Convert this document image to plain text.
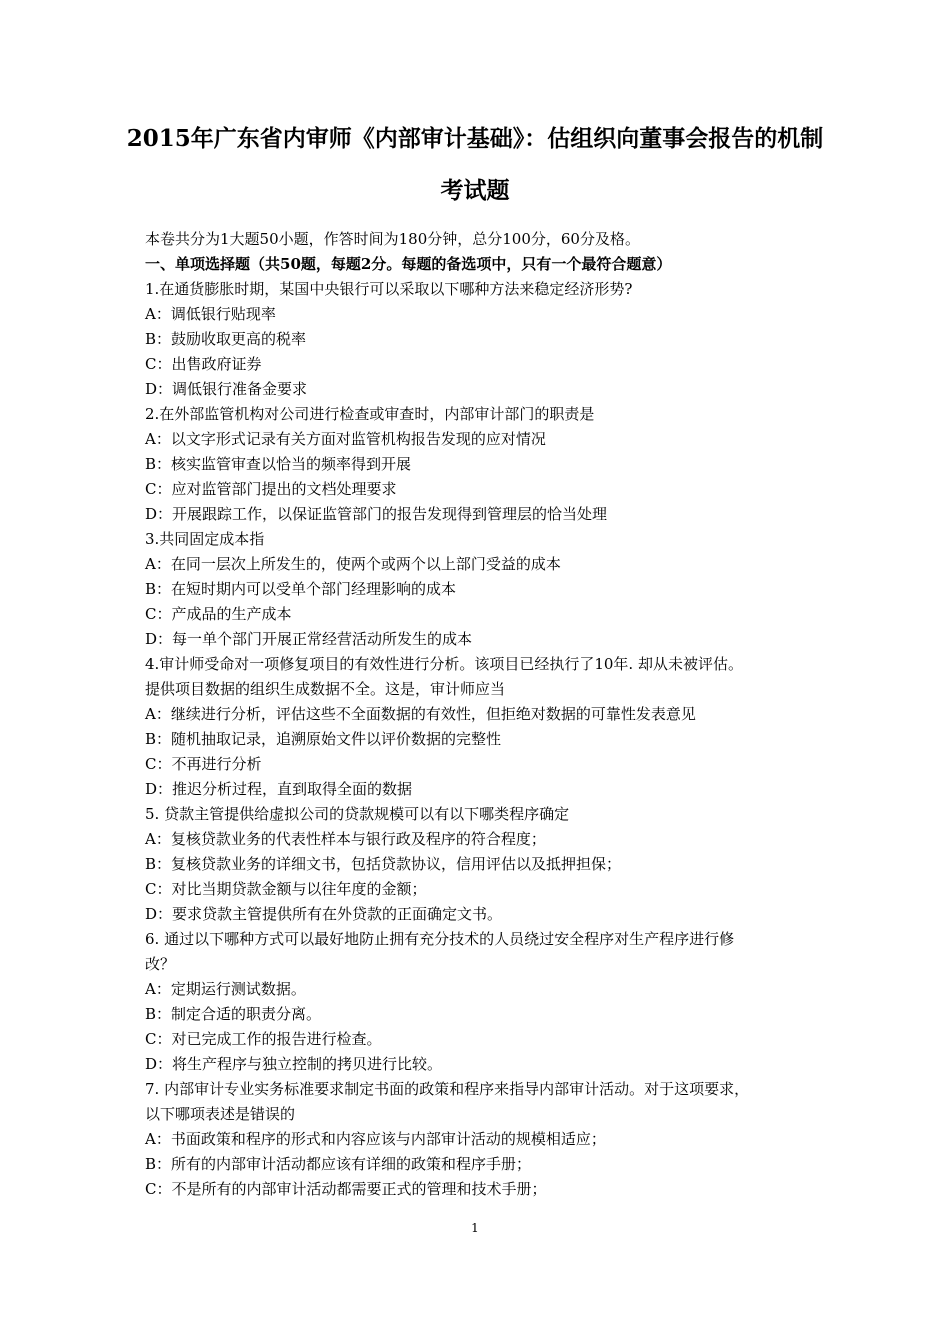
2015年广东省内审师《内部审计基础》：估组织向董事会报告的机制
考试题
本卷共分为1大题50小题，作答时间为180分钟，总分100分，60分及格。
一、单项选择题（共50题，每题2分。每题的备选项中，只有一个最符合题意）
1.在通货膨胀时期，某国中央银行可以采取以下哪种方法来稳定经济形势?
A：调低银行贴现率
B：鼓励收取更高的税率
C：出售政府证券
D：调低银行准备金要求
2.在外部监管机构对公司进行检查或审查时，内部审计部门的职责是
A：以文字形式记录有关方面对监管机构报告发现的应对情况
B：核实监管审查以恰当的频率得到开展
C：应对监管部门提出的文档处理要求
D：开展跟踪工作，以保证监管部门的报告发现得到管理层的恰当处理
3.共同固定成本指
A：在同一层次上所发生的，使两个或两个以上部门受益的成本
B：在短时期内可以受单个部门经理影响的成本
C：产成品的生产成本
D：每一单个部门开展正常经营活动所发生的成本
4.审计师受命对一项修复项目的有效性进行分析。该项目已经执行了10年. 却从未被评估。
提供项目数据的组织生成数据不全。这是，审计师应当
A：继续进行分析，评估这些不全面数据的有效性，但拒绝对数据的可靠性发表意见
B：随机抽取记录，追溯原始文件以评价数据的完整性
C：不再进行分析
D：推迟分析过程，直到取得全面的数据
5. 贷款主管提供给虚拟公司的贷款规模可以有以下哪类程序确定
A：复核贷款业务的代表性样本与银行政及程序的符合程度；
B：复核贷款业务的详细文书，包括贷款协议，信用评估以及抵押担保；
C：对比当期贷款金额与以往年度的金额；
D：要求贷款主管提供所有在外贷款的正面确定文书。
6. 通过以下哪种方式可以最好地防止拥有充分技术的人员绕过安全程序对生产程序进行修
改？
A：定期运行测试数据。
B：制定合适的职责分离。
C：对已完成工作的报告进行检查。
D：将生产程序与独立控制的拷贝进行比较。
7. 内部审计专业实务标准要求制定书面的政策和程序来指导内部审计活动。对于这项要求，
以下哪项表述是错误的
A：书面政策和程序的形式和内容应该与内部审计活动的规模相适应；
B：所有的内部审计活动都应该有详细的政策和程序手册；
C：不是所有的内部审计活动都需要正式的管理和技术手册；
1
